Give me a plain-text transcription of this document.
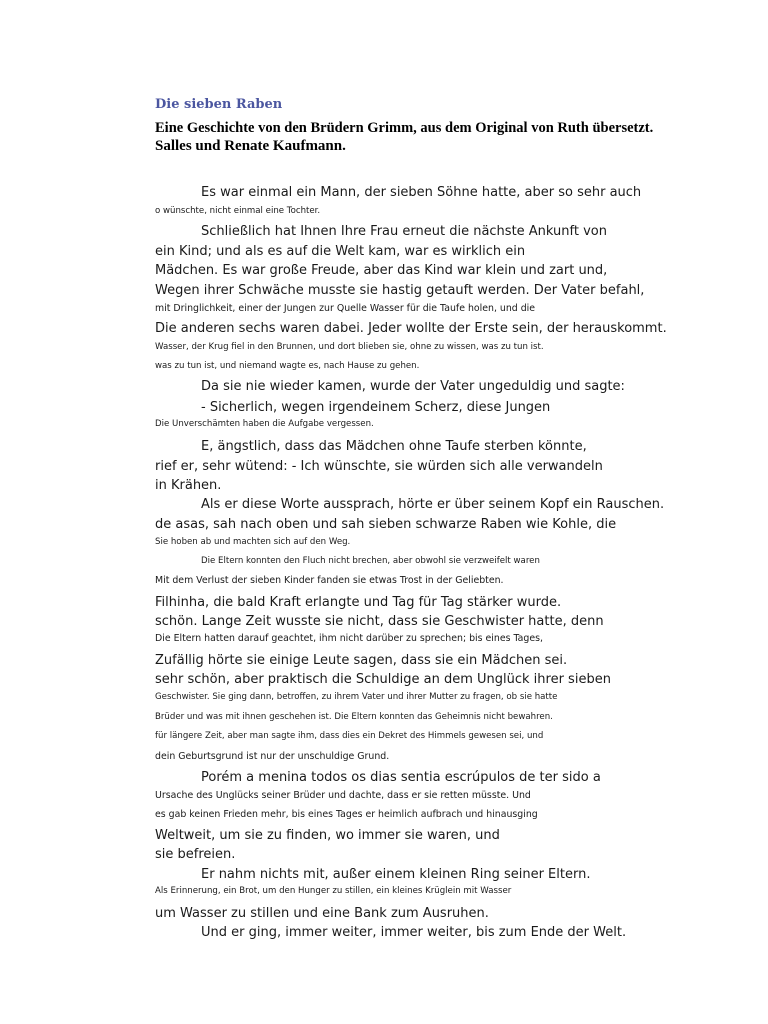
Die sieben Raben
Eine Geschichte von den Brüdern Grimm, aus dem Original von Ruth übersetzt.
Salles und Renate Kaufmann.

Es war einmal ein Mann, der sieben Söhne hatte, aber so sehr auch

o wünschte, nicht einmal eine Tochter.

Schließlich hat Ihnen Ihre Frau erneut die nächste Ankunft von

ein Kind; und als es auf die Welt kam, war es wirklich ein

Mädchen. Es war große Freude, aber das Kind war klein und zart und,

Wegen ihrer Schwäche musste sie hastig getauft werden. Der Vater befahl,

mit Dringlichkeit, einer der Jungen zur Quelle Wasser für die Taufe holen, und die

Die anderen sechs waren dabei. Jeder wollte der Erste sein, der herauskommt.

Wasser, der Krug fiel in den Brunnen, und dort blieben sie, ohne zu wissen, was zu tun ist.

was zu tun ist, und niemand wagte es, nach Hause zu gehen.

Da sie nie wieder kamen, wurde der Vater ungeduldig und sagte:

- Sicherlich, wegen irgendeinem Scherz, diese Jungen

Die Unverschämten haben die Aufgabe vergessen.

E, ängstlich, dass das Mädchen ohne Taufe sterben könnte,

rief er, sehr wütend: - Ich wünschte, sie würden sich alle verwandeln

in Krähen.

Als er diese Worte aussprach, hörte er über seinem Kopf ein Rauschen.

de asas, sah nach oben und sah sieben schwarze Raben wie Kohle, die

Sie hoben ab und machten sich auf den Weg.

Die Eltern konnten den Fluch nicht brechen, aber obwohl sie verzweifelt waren

Mit dem Verlust der sieben Kinder fanden sie etwas Trost in der Geliebten.

Filhinha, die bald Kraft erlangte und Tag für Tag stärker wurde.

schön. Lange Zeit wusste sie nicht, dass sie Geschwister hatte, denn

Die Eltern hatten darauf geachtet, ihm nicht darüber zu sprechen; bis eines Tages,

Zufällig hörte sie einige Leute sagen, dass sie ein Mädchen sei.

sehr schön, aber praktisch die Schuldige an dem Unglück ihrer sieben

Geschwister. Sie ging dann, betroffen, zu ihrem Vater und ihrer Mutter zu fragen, ob sie hatte

Brüder und was mit ihnen geschehen ist. Die Eltern konnten das Geheimnis nicht bewahren.

für längere Zeit, aber man sagte ihm, dass dies ein Dekret des Himmels gewesen sei, und

dein Geburtsgrund ist nur der unschuldige Grund.

Porém a menina todos os dias sentia escrúpulos de ter sido a

Ursache des Unglücks seiner Brüder und dachte, dass er sie retten müsste. Und

es gab keinen Frieden mehr, bis eines Tages er heimlich aufbrach und hinausging

Weltweit, um sie zu finden, wo immer sie waren, und

sie befreien.

Er nahm nichts mit, außer einem kleinen Ring seiner Eltern.

Als Erinnerung, ein Brot, um den Hunger zu stillen, ein kleines Krüglein mit Wasser

um Wasser zu stillen und eine Bank zum Ausruhen.

Und er ging, immer weiter, immer weiter, bis zum Ende der Welt.
